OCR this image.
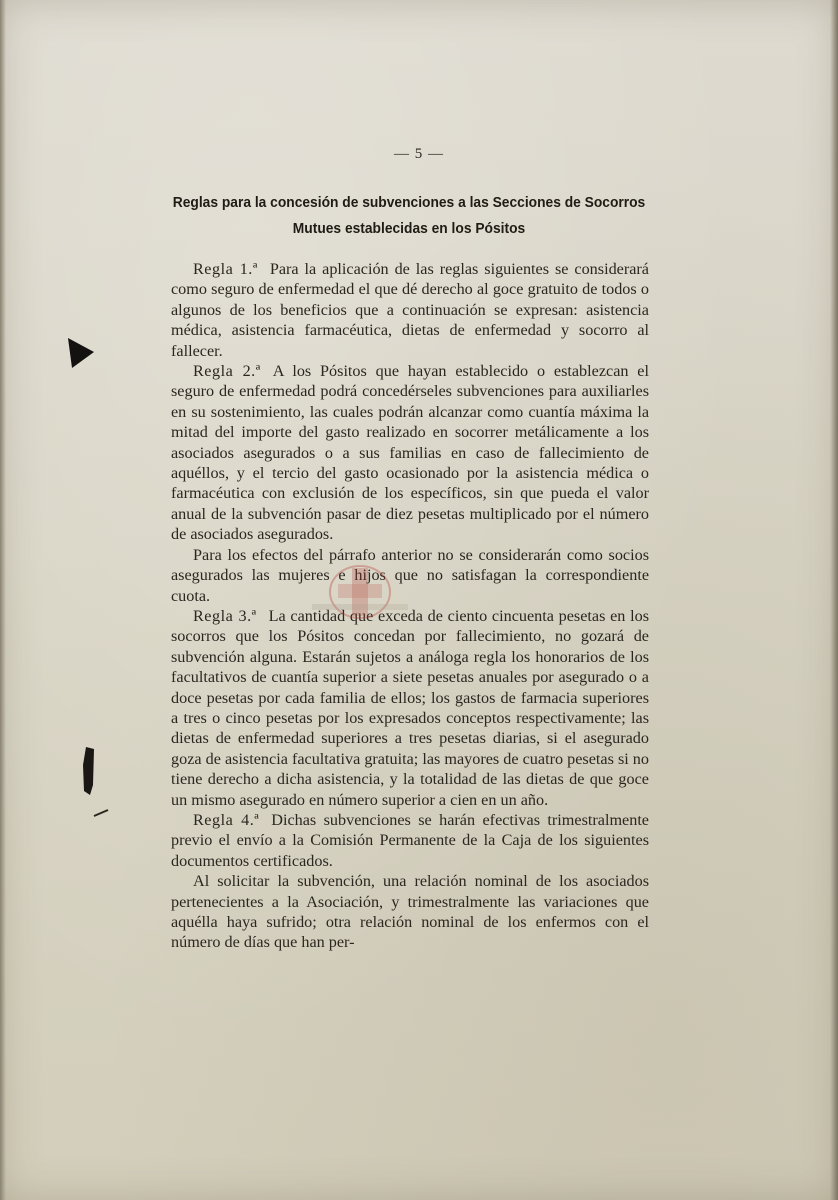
— 5 —
Reglas para la concesión de subvenciones a las Secciones de Socorros
Mutues establecidas en los Pósitos

Regla 1.ª Para la aplicación de las reglas siguientes se considerará como seguro de enfermedad el que dé derecho al goce gratuito de todos o algunos de los beneficios que a continuación se expresan: asistencia médica, asistencia farmacéutica, dietas de enfermedad y socorro al fallecer.

Regla 2.ª A los Pósitos que hayan establecido o establezcan el seguro de enfermedad podrá concedérseles subvenciones para auxiliarles en su sostenimiento, las cuales podrán alcanzar como cuantía máxima la mitad del importe del gasto realizado en socorrer metálicamente a los asociados asegurados o a sus familias en caso de fallecimiento de aquéllos, y el tercio del gasto ocasionado por la asistencia médica o farmacéutica con exclusión de los específicos, sin que pueda el valor anual de la subvención pasar de diez pesetas multiplicado por el número de asociados asegurados.

Para los efectos del párrafo anterior no se considerarán como socios asegurados las mujeres e hijos que no satisfagan la correspondiente cuota.

Regla 3.ª La cantidad que exceda de ciento cincuenta pesetas en los socorros que los Pósitos concedan por fallecimiento, no gozará de subvención alguna. Estarán sujetos a análoga regla los honorarios de los facultativos de cuantía superior a siete pesetas anuales por asegurado o a doce pesetas por cada familia de ellos; los gastos de farmacia superiores a tres o cinco pesetas por los expresados conceptos respectivamente; las dietas de enfermedad superiores a tres pesetas diarias, si el asegurado goza de asistencia facultativa gratuita; las mayores de cuatro pesetas si no tiene derecho a dicha asistencia, y la totalidad de las dietas de que goce un mismo asegurado en número superior a cien en un año.

Regla 4.ª Dichas subvenciones se harán efectivas trimestralmente previo el envío a la Comisión Permanente de la Caja de los siguientes documentos certificados.

Al solicitar la subvención, una relación nominal de los asociados pertenecientes a la Asociación, y trimestralmente las variaciones que aquélla haya sufrido; otra relación nominal de los enfermos con el número de días que han per-
